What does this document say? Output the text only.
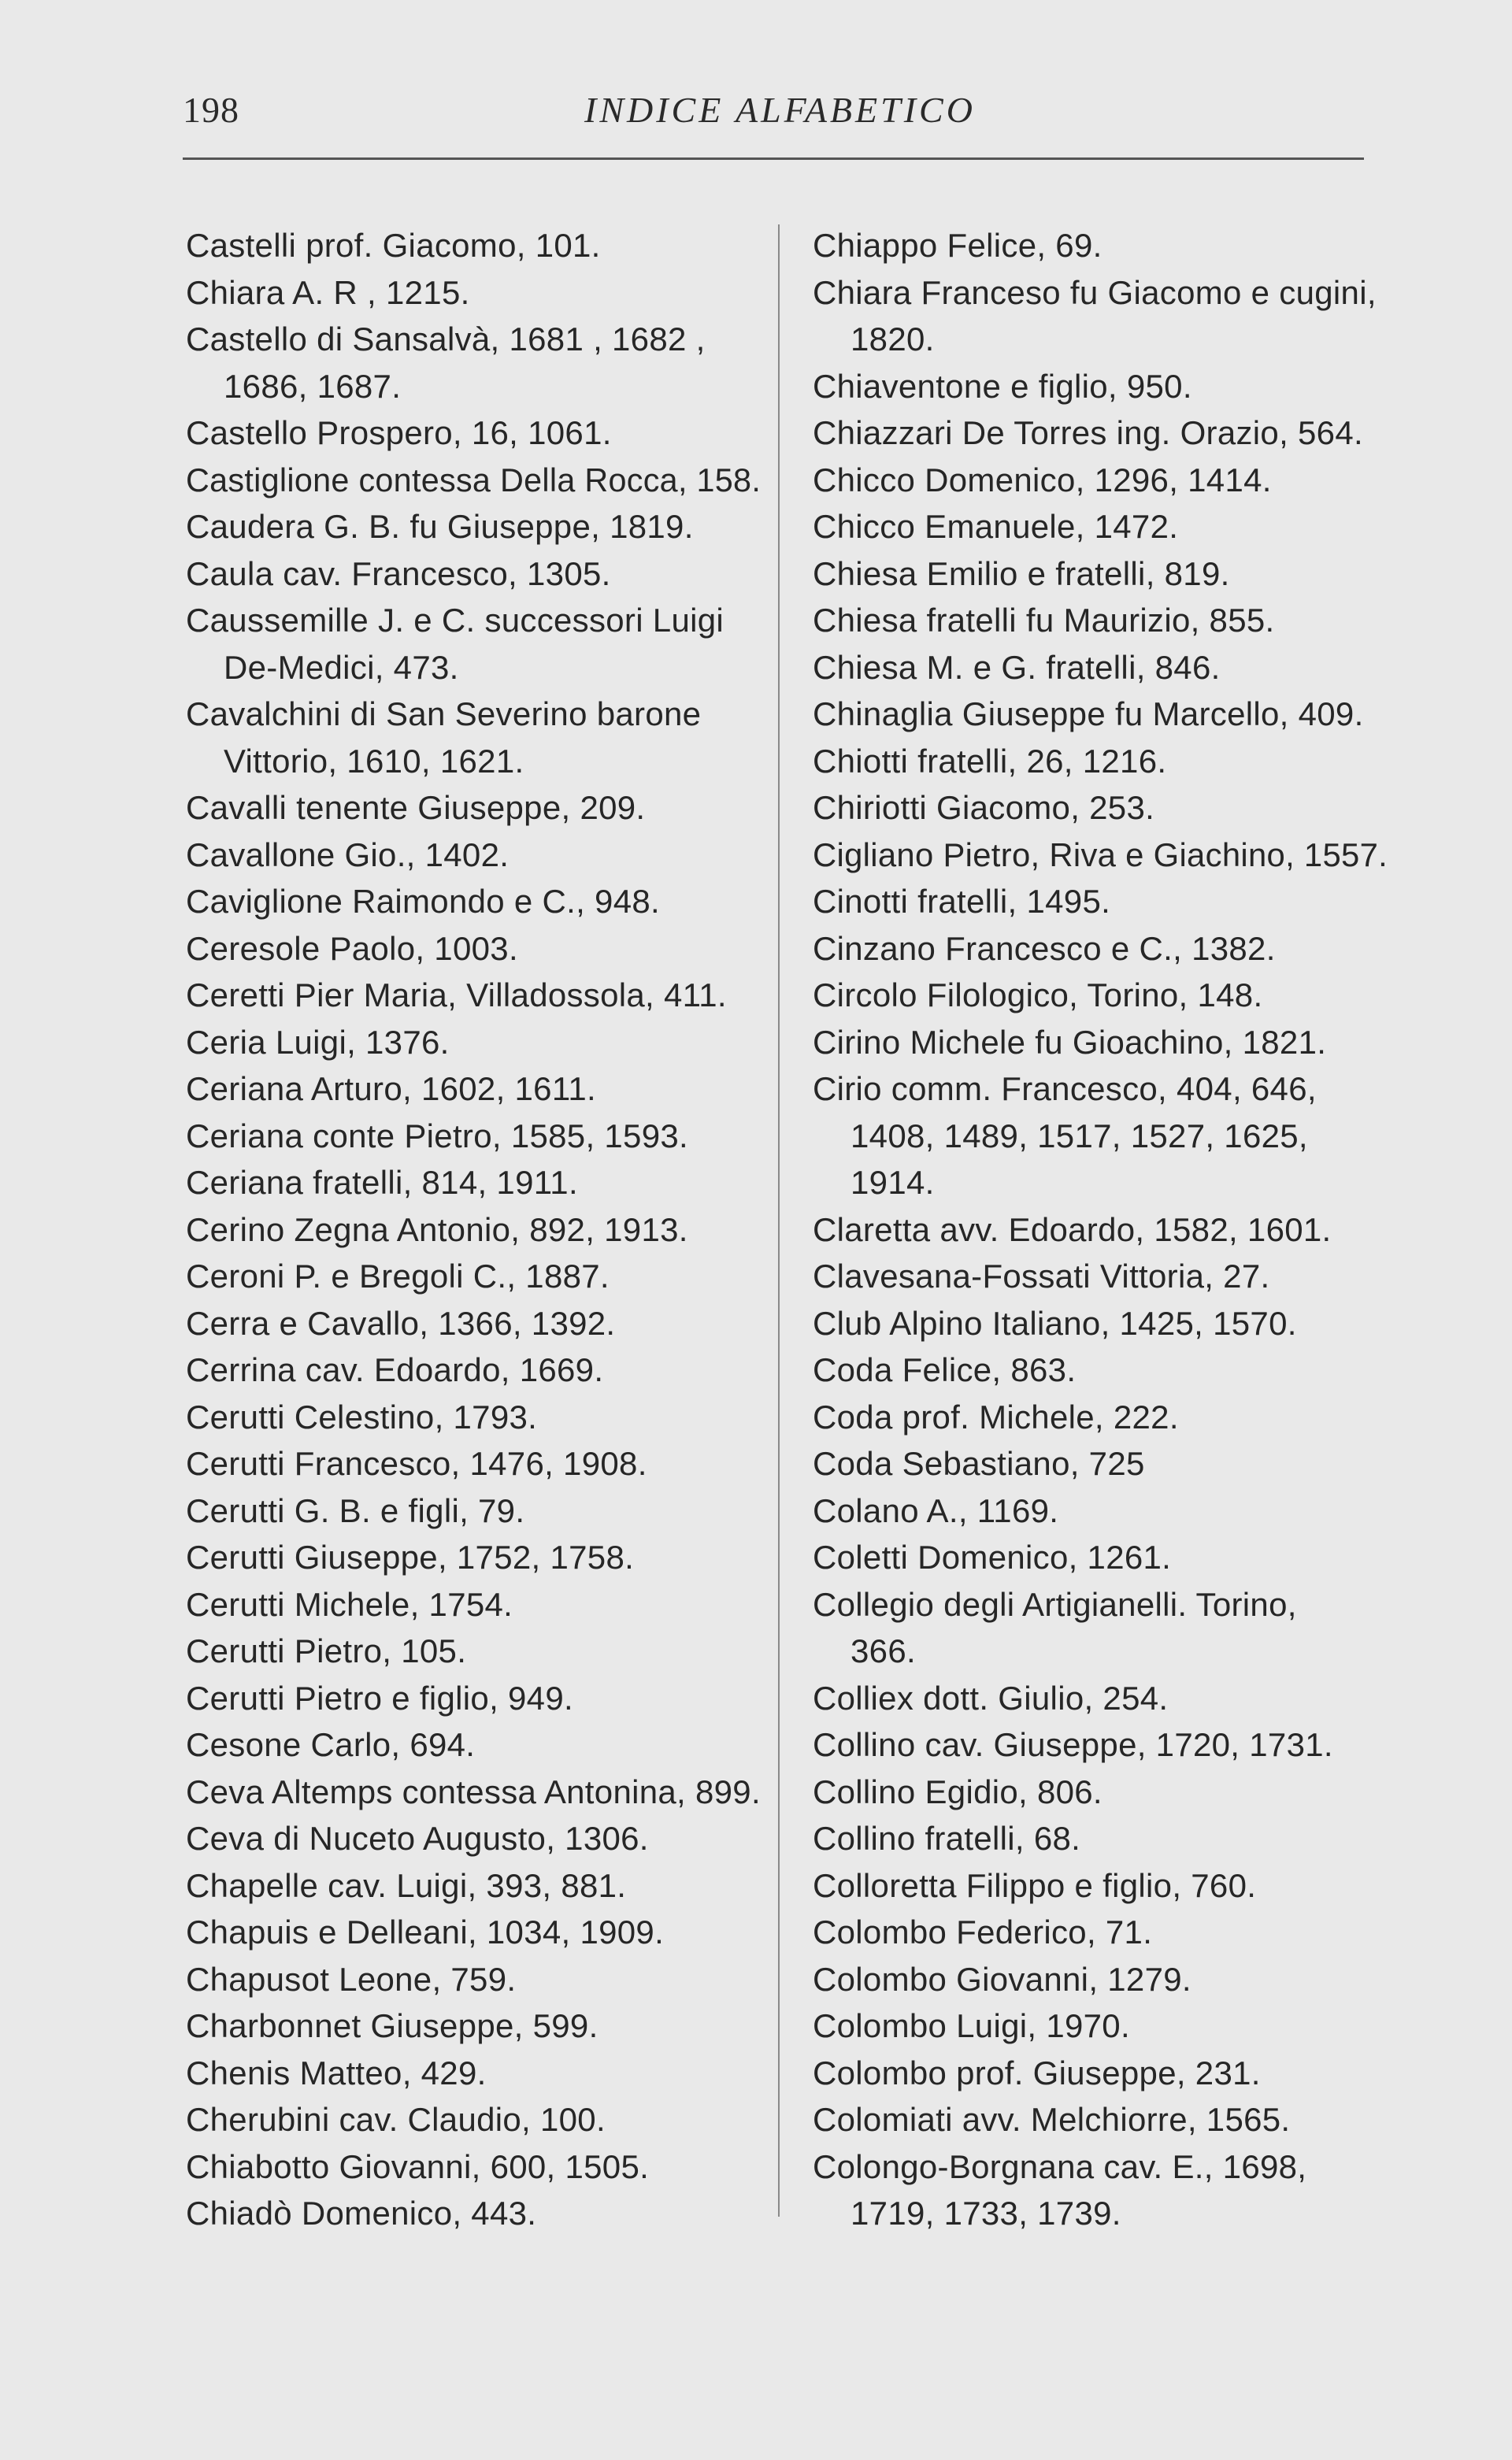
198	INDICE ALFABETICO
Castelli prof. Giacomo, 101.
Chiara A. R , 1215.
Castello di Sansalvà, 1681 , 1682 ,
1686, 1687.
Castello Prospero, 16, 1061.
Castiglione contessa Della Rocca, 158.
Caudera G. B. fu Giuseppe, 1819.
Caula cav. Francesco, 1305.
Caussemille J. e C. successori Luigi
De-Medici, 473.
Cavalchini di San Severino barone
Vittorio, 1610, 1621.
Cavalli tenente Giuseppe, 209.
Cavallone Gio., 1402.
Caviglione Raimondo e C., 948.
Ceresole Paolo, 1003.
Ceretti Pier Maria, Villadossola, 411.
Ceria Luigi, 1376.
Ceriana Arturo, 1602, 1611.
Ceriana conte Pietro, 1585, 1593.
Ceriana fratelli, 814, 1911.
Cerino Zegna Antonio, 892, 1913.
Ceroni P. e Bregoli C., 1887.
Cerra e Cavallo, 1366, 1392.
Cerrina cav. Edoardo, 1669.
Cerutti Celestino, 1793.
Cerutti Francesco, 1476, 1908.
Cerutti G. B. e figli, 79.
Cerutti Giuseppe, 1752, 1758.
Cerutti Michele, 1754.
Cerutti Pietro, 105.
Cerutti Pietro e figlio, 949.
Cesone Carlo, 694.
Ceva Altemps contessa Antonina, 899.
Ceva di Nuceto Augusto, 1306.
Chapelle cav. Luigi, 393, 881.
Chapuis e Delleani, 1034, 1909.
Chapusot Leone, 759.
Charbonnet Giuseppe, 599.
Chenis Matteo, 429.
Cherubini cav. Claudio, 100.
Chiabotto Giovanni, 600, 1505.
Chiadò Domenico, 443.
Chiappo Felice, 69.
Chiara Franceso fu Giacomo e cugini,
1820.
Chiaventone e figlio, 950.
Chiazzari De Torres ing. Orazio, 564.
Chicco Domenico, 1296, 1414.
Chicco Emanuele, 1472.
Chiesa Emilio e fratelli, 819.
Chiesa fratelli fu Maurizio, 855.
Chiesa M. e G. fratelli, 846.
Chinaglia Giuseppe fu Marcello, 409.
Chiotti fratelli, 26, 1216.
Chiriotti Giacomo, 253.
Cigliano Pietro, Riva e Giachino, 1557.
Cinotti fratelli, 1495.
Cinzano Francesco e C., 1382.
Circolo Filologico, Torino, 148.
Cirino Michele fu Gioachino, 1821.
Cirio comm. Francesco, 404, 646,
1408, 1489, 1517, 1527, 1625,
1914.
Claretta avv. Edoardo, 1582, 1601.
Clavesana-Fossati Vittoria, 27.
Club Alpino Italiano, 1425, 1570.
Coda Felice, 863.
Coda prof. Michele, 222.
Coda Sebastiano, 725
Colano A., 1169.
Coletti Domenico, 1261.
Collegio degli Artigianelli. Torino,
366.
Colliex dott. Giulio, 254.
Collino cav. Giuseppe, 1720, 1731.
Collino Egidio, 806.
Collino fratelli, 68.
Colloretta Filippo e figlio, 760.
Colombo Federico, 71.
Colombo Giovanni, 1279.
Colombo Luigi, 1970.
Colombo prof. Giuseppe, 231.
Colomiati avv. Melchiorre, 1565.
Colongo-Borgnana cav. E., 1698,
1719, 1733, 1739.
